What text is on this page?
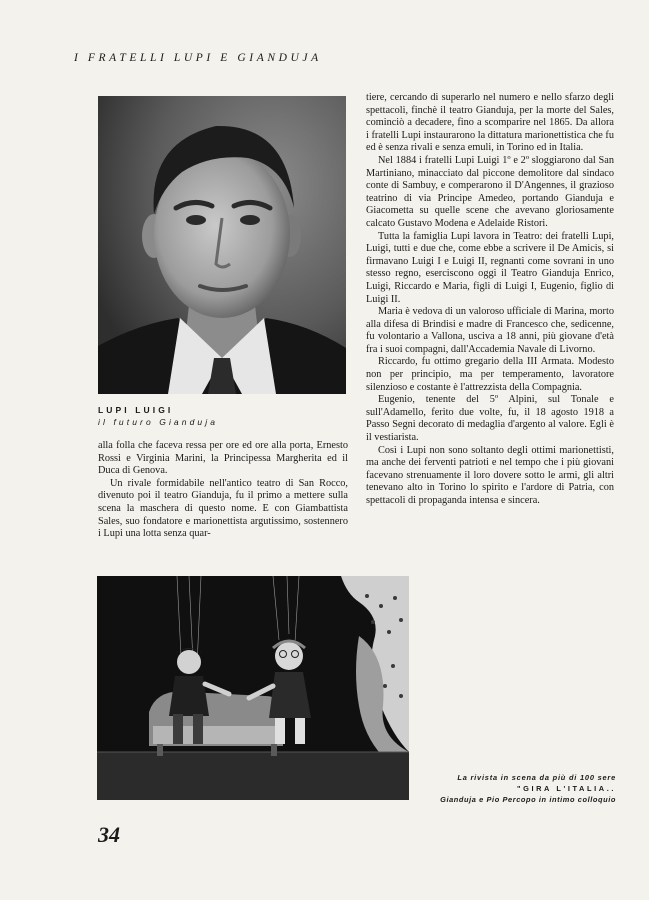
I FRATELLI LUPI E GIANDUJA
LUPI LUIGI
il futuro Gianduja

alla folla che faceva ressa per ore ed ore alla porta, Ernesto Rossi e Virginia Marini, la Principessa Margherita ed il Duca di Genova.

Un rivale formidabile nell'antico teatro di San Rocco, divenuto poi il teatro Gianduja, fu il primo a mettere sulla scena la maschera di questo nome. E con Giambattista Sales, suo fondatore e marionettista argutissimo, sostennero i Lupi una lotta senza quar-

tiere, cercando di superarlo nel numero e nello sfarzo degli spettacoli, finchè il teatro Gianduja, per la morte del Sales, cominciò a decadere, fino a scomparire nel 1865. Da allora i fratelli Lupi instaurarono la dittatura marionettistica che fu ed è senza rivali e senza emuli, in Torino ed in Italia.

Nel 1884 i fratelli Lupi Luigi 1º e 2º sloggiarono dal San Martiniano, minacciato dal piccone demolitore dal sindaco conte di Sambuy, e comperarono il D'Angennes, il grazioso teatrino di via Principe Amedeo, portando Gianduja e Giacometta su quelle scene che avevano gloriosamente calcato Gustavo Modena e Adelaide Ristori.

Tutta la famiglia Lupi lavora in Teatro: dei fratelli Lupi, Luigi, tutti e due che, come ebbe a scrivere il De Amicis, si firmavano Luigi I e Luigi II, regnanti come sovrani in uno stesso regno, eserciscono oggi il Teatro Gianduja Enrico, Luigi, Riccardo e Maria, figli di Luigi I, Eugenio, figlio di Luigi II.

Maria è vedova di un valoroso ufficiale di Marina, morto alla difesa di Brindisi e madre di Francesco che, sedicenne, fu volontario a Vallona, usciva a 18 anni, più giovane d'età fra i suoi compagni, dall'Accademia Navale di Livorno.

Riccardo, fu ottimo gregario della III Armata. Modesto non per principio, ma per temperamento, lavoratore silenzioso e costante è l'attrezzista della Compagnia.

Eugenio, tenente del 5º Alpini, sul Tonale e sull'Adamello, ferito due volte, fu, il 18 agosto 1918 a Passo Segni decorato di medaglia d'argento al valore. Egli è il vestiarista.

Così i Lupi non sono soltanto degli ottimi marionettisti, ma anche dei ferventi patrioti e nel tempo che i più giovani facevano strenuamente il loro dovere sotto le armi, gli altri tenevano alto in Torino lo spirito e l'ardore di Patria, con spettacoli di propaganda intensa e sincera.

La rivista in scena da più di 100 sere
"GIRA L'ITALIA..
Gianduja e Pio Percopo in intimo colloquio
34
